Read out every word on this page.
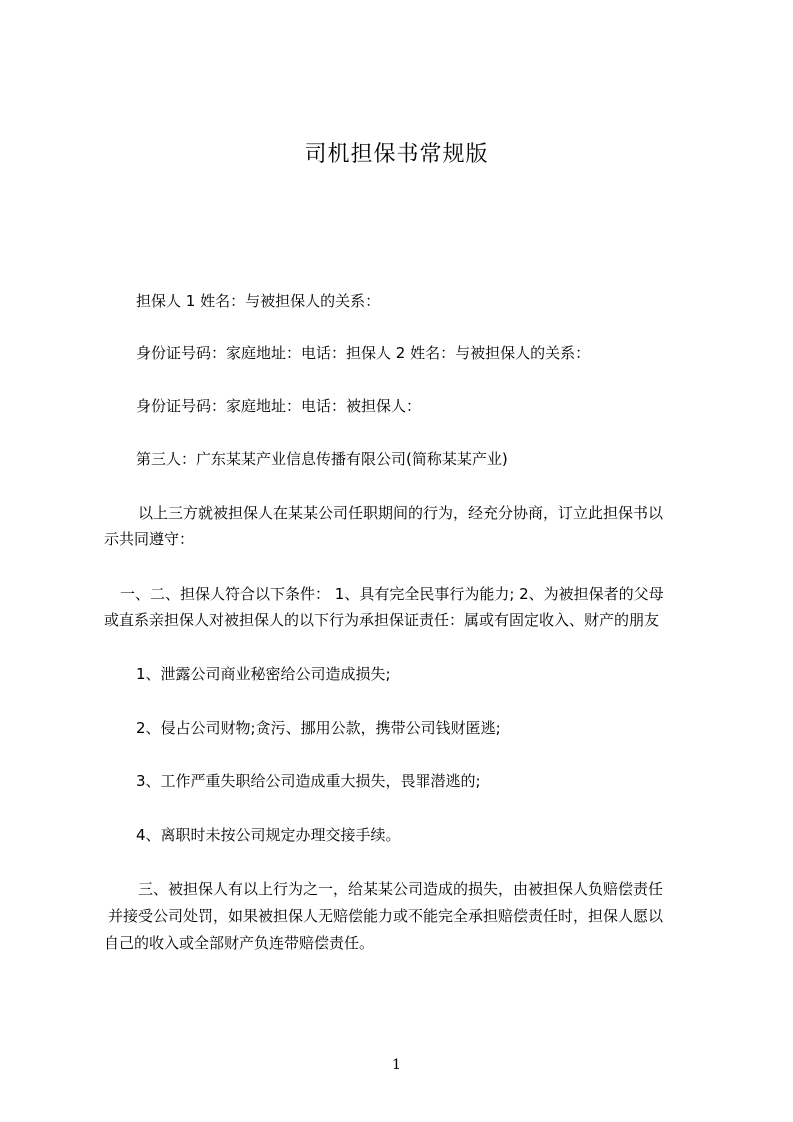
司机担保书常规版
担保人 1 姓名：与被担保人的关系：
身份证号码：家庭地址：电话：担保人 2 姓名：与被担保人的关系：
身份证号码：家庭地址：电话：被担保人：
第三人：广东某某产业信息传播有限公司(简称某某产业)
以上三方就被担保人在某某公司任职期间的行为，经充分协商，订立此担保书以
示共同遵守：
一、二、担保人符合以下条件： 1、具有完全民事行为能力; 2、为被担保者的父母
或直系亲担保人对被担保人的以下行为承担保证责任：属或有固定收入、财产的朋友
1、泄露公司商业秘密给公司造成损失;
2、侵占公司财物;贪污、挪用公款，携带公司钱财匿逃;
3、工作严重失职给公司造成重大损失，畏罪潜逃的;
4、离职时未按公司规定办理交接手续。
三、被担保人有以上行为之一，给某某公司造成的损失，由被担保人负赔偿责任
并接受公司处罚，如果被担保人无赔偿能力或不能完全承担赔偿责任时，担保人愿以
自己的收入或全部财产负连带赔偿责任。
1
